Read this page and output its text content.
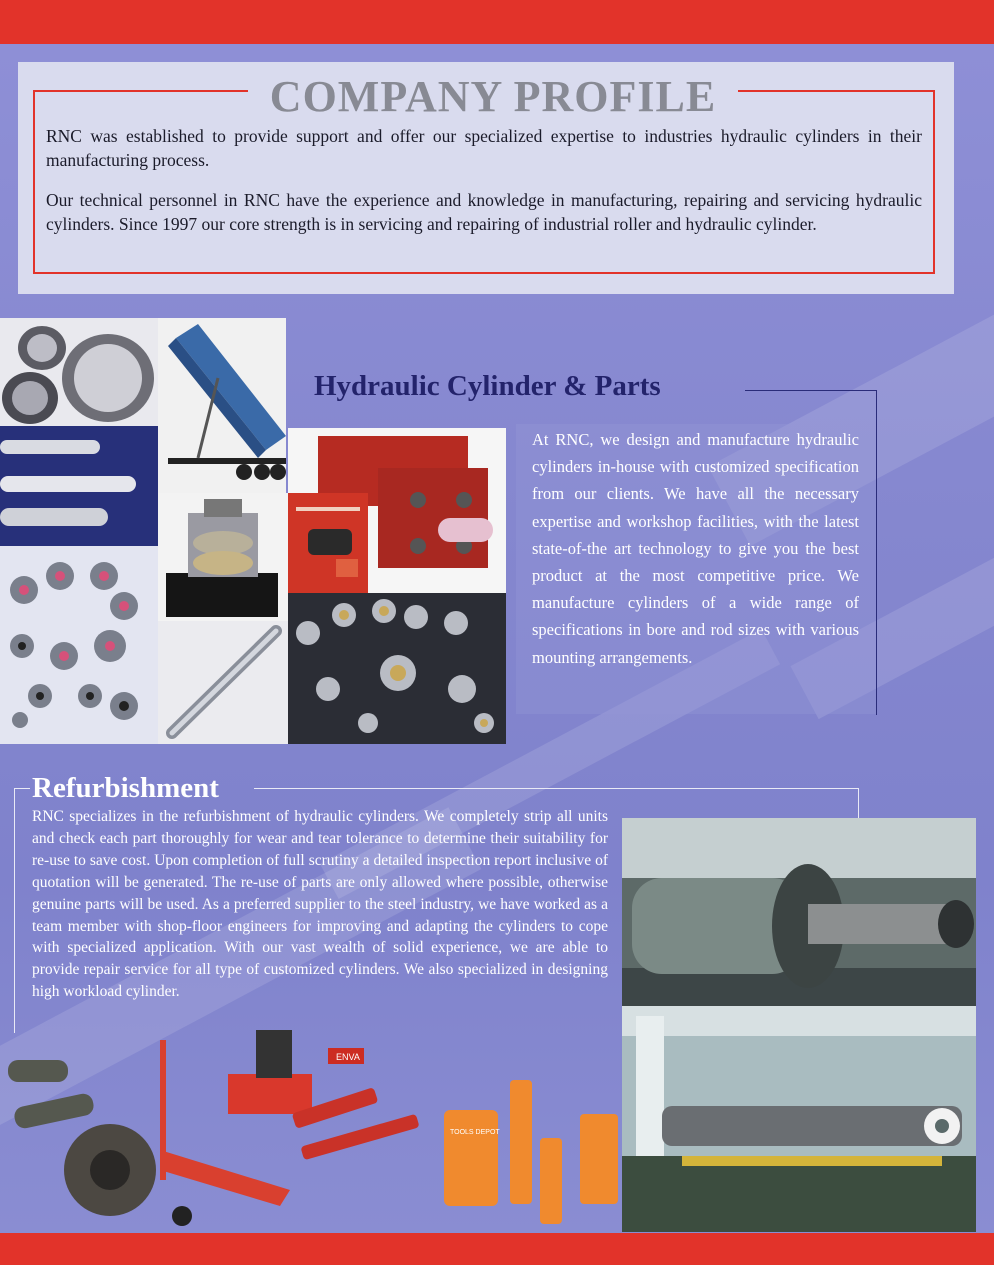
COMPANY PROFILE

RNC was established to provide support and offer our specialized expertise to industries hydraulic cylinders in their manufacturing process.

Our technical personnel in RNC have the experience and knowledge in manufacturing, repairing and servicing hydraulic cylinders. Since 1997 our core strength is in servicing and repairing of industrial roller and hydraulic cylinder.

Hydraulic Cylinder & Parts
At RNC, we design and manufacture hydraulic cylinders in-house with customized specification from our clients. We have all the necessary expertise and workshop facilities, with the latest state-of-the art technology to give you the best product at the most competitive price. We manufacture cylinders of a wide range of specifications in bore and rod sizes with various mounting arrangements.
Refurbishment
RNC specializes in the refurbishment of hydraulic cylinders. We completely strip all units and check each part thoroughly for wear and tear tolerance to determine their suitability for re-use to save cost. Upon completion of full scrutiny a detailed inspection report inclusive of quotation will be generated. The re-use of parts are only allowed where possible, otherwise genuine parts will be used. As a preferred supplier to the steel industry, we have worked as a team member with shop-floor engineers for improving and adapting the cylinders to cope with specialized application. With our vast wealth of solid experience, we are able to provide repair service for all type of customized cylinders. We also specialized in designing high workload cylinder.
ENVA
TOOLS DEPOT
